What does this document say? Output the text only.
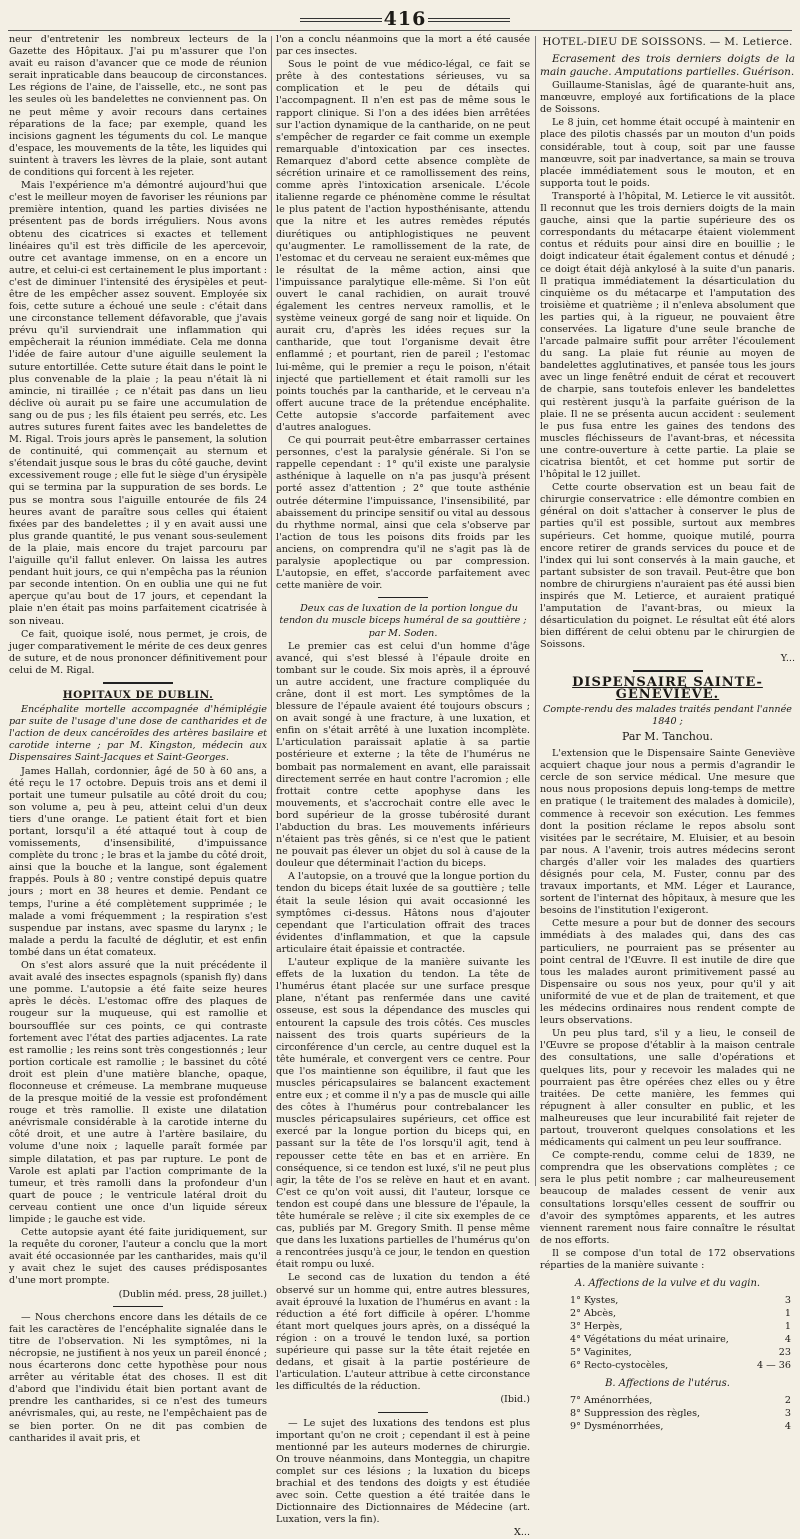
416

neur d'entretenir les nombreux lecteurs de la Gazette des Hôpitaux. J'ai pu m'assurer que l'on avait eu raison d'avancer que ce mode de réunion serait inpraticable dans beaucoup de circonstances. Les régions de l'aine, de l'aisselle, etc., ne sont pas les seules où les bandelettes ne conviennent pas. On ne peut même y avoir recours dans certaines réparations de la face; par exemple, quand les incisions gagnent les téguments du col. Le manque d'espace, les mouvements de la tête, les liquides qui suintent à travers les lèvres de la plaie, sont autant de conditions qui forcent à les rejeter.

Mais l'expérience m'a démontré aujourd'hui que c'est le meilleur moyen de favoriser les réunions par première intention, quand les parties divisées ne présentent pas de bords irréguliers. Nous avons obtenu des cicatrices si exactes et tellement linéaires qu'il est très difficile de les apercevoir, outre cet avantage immense, on en a encore un autre, et celui-ci est certainement le plus important : c'est de diminuer l'intensité des érysipèles et peut-être de les empêcher assez souvent. Employée six fois, cette suture a échoué une seule : c'était dans une circonstance tellement défavorable, que j'avais prévu qu'il surviendrait une inflammation qui empêcherait la réunion immédiate. Cela me donna l'idée de faire autour d'une aiguille seulement la suture entortillée. Cette suture était dans le point le plus convenable de la plaie ; la peau n'était là ni amincie, ni tiraillée ; ce n'était pas dans un lieu déclive où aurait pu se faire une accumulation de sang ou de pus ; les fils étaient peu serrés, etc. Les autres sutures furent faites avec les bandelettes de M. Rigal. Trois jours après le pansement, la solution de continuité, qui commençait au sternum et s'étendait jusque sous le bras du côté gauche, devint excessivement rouge ; elle fut le siège d'un érysipèle qui se termina par la suppuration de ses bords. Le pus se montra sous l'aiguille entourée de fils 24 heures avant de paraître sous celles qui étaient fixées par des bandelettes ; il y en avait aussi une plus grande quantité, le pus venant sous-seulement de la plaie, mais encore du trajet parcouru par l'aiguille qu'il fallut enlever. On laissa les autres pendant huit jours, ce qui n'empêcha pas la réunion par seconde intention. On en oublia une qui ne fut aperçue qu'au bout de 17 jours, et cependant la plaie n'en était pas moins parfaitement cicatrisée à son niveau.

Ce fait, quoique isolé, nous permet, je crois, de juger comparativement le mérite de ces deux genres de suture, et de nous prononcer définitivement pour celui de M. Rigal.

HOPITAUX DE DUBLIN.

Encéphalite mortelle accompagnée d'hémiplégie par suite de l'usage d'une dose de cantharides et de l'action de deux cancéroïdes des artères basilaire et carotide interne ; par M. Kingston, médecin aux Dispensaires Saint-Jacques et Saint-Georges.

James Hallah, cordonnier, âgé de 50 à 60 ans, a été reçu le 17 octobre. Depuis trois ans et demi il portait une tumeur pulsatile au côté droit du cou; son volume a, peu à peu, atteint celui d'un deux tiers d'une orange. Le patient était fort et bien portant, lorsqu'il a été attaqué tout à coup de vomissements, d'insensibilité, d'impuissance complète du tronc ; le bras et la jambe du côté droit, ainsi que la bouche et la langue, sont également frappés. Pouls à 80 ; ventre constipé depuis quatre jours ; mort en 38 heures et demie. Pendant ce temps, l'urine a été complètement supprimée ; le malade a vomi fréquemment ; la respiration s'est suspendue par instans, avec spasme du larynx ; le malade a perdu la faculté de déglutir, et est enfin tombé dans un état comateux.

On s'est alors assuré que la nuit précédente il avait avalé des insectes espagnols (spanish fly) dans une pomme. L'autopsie a été faite seize heures après le décès. L'estomac offre des plaques de rougeur sur la muqueuse, qui est ramollie et boursoufflée sur ces points, ce qui contraste fortement avec l'état des parties adjacentes. La rate est ramollie ; les reins sont très congestionnés ; leur portion corticale est ramollie ; le bassinet du côté droit est plein d'une matière blanche, opaque, floconneuse et crémeuse. La membrane muqueuse de la presque moitié de la vessie est profondément rouge et très ramollie. Il existe une dilatation anévrismale considérable à la carotide interne du côté droit, et une autre à l'artère basilaire, du volume d'une noix ; laquelle paraît formée par simple dilatation, et pas par rupture. Le pont de Varole est aplati par l'action comprimante de la tumeur, et très ramolli dans la profondeur d'un quart de pouce ; le ventricule latéral droit du cerveau contient une once d'un liquide séreux limpide ; le gauche est vide.

Cette autopsie ayant été faite juridiquement, sur la requête du coroner, l'auteur a conclu que la mort avait été occasionnée par les cantharides, mais qu'il y avait chez le sujet des causes prédisposantes d'une mort prompte.

(Dublin méd. press, 28 juillet.)

— Nous cherchons encore dans les détails de ce fait les caractères de l'encéphalite signalée dans le titre de l'observation. Ni les symptômes, ni la nécropsie, ne justifient à nos yeux un pareil énoncé ; nous écarterons donc cette hypothèse pour nous arrêter au véritable état des choses. Il est dit d'abord que l'individu était bien portant avant de prendre les cantharides, si ce n'est des tumeurs anévrismales, qui, au reste, ne l'empêchaient pas de se bien porter. On ne dit pas combien de cantharides il avait pris, et

l'on a conclu néanmoins que la mort a été causée par ces insectes.

Sous le point de vue médico-légal, ce fait se prête à des contestations sérieuses, vu sa complication et le peu de détails qui l'accompagnent. Il n'en est pas de même sous le rapport clinique. Si l'on a des idées bien arrêtées sur l'action dynamique de la cantharide, on ne peut s'empêcher de regarder ce fait comme un exemple remarquable d'intoxication par ces insectes. Remarquez d'abord cette absence complète de sécrétion urinaire et ce ramollissement des reins, comme après l'intoxication arsenicale. L'école italienne regarde ce phénomène comme le résultat le plus patent de l'action hyposthénisante, attendu que la nitre et les autres remèdes réputés diurétiques ou antiphlogistiques ne peuvent qu'augmenter. Le ramollissement de la rate, de l'estomac et du cerveau ne seraient eux-mêmes que le résultat de la même action, ainsi que l'impuissance paralytique elle-même. Si l'on eût ouvert le canal rachidien, on aurait trouvé également les centres nerveux ramollis, et le système veineux gorgé de sang noir et liquide. On aurait cru, d'après les idées reçues sur la cantharide, que tout l'organisme devait être enflammé ; et pourtant, rien de pareil ; l'estomac lui-même, qui le premier a reçu le poison, n'était injecté que partiellement et était ramolli sur les points touchés par la cantharide, et le cerveau n'a offert aucune trace de la prétendue encéphalite. Cette autopsie s'accorde parfaitement avec d'autres analogues.

Ce qui pourrait peut-être embarrasser certaines personnes, c'est la paralysie générale. Si l'on se rappelle cependant : 1° qu'il existe une paralysie asthénique à laquelle on n'a pas jusqu'à présent porté assez d'attention ; 2° que toute asthénie outrée détermine l'impuissance, l'insensibilité, par abaissement du principe sensitif ou vital au dessous du rhythme normal, ainsi que cela s'observe par l'action de tous les poisons dits froids par les anciens, on comprendra qu'il ne s'agit pas là de paralysie apoplectique ou par compression. L'autopsie, en effet, s'accorde parfaitement avec cette manière de voir.

Deux cas de luxation de la portion longue du tendon du muscle biceps huméral de sa gouttière ; par M. Soden.

Le premier cas est celui d'un homme d'âge avancé, qui s'est blessé à l'épaule droite en tombant sur le coude. Six mois après, il a éprouvé un autre accident, une fracture compliquée du crâne, dont il est mort. Les symptômes de la blessure de l'épaule avaient été toujours obscurs ; on avait songé à une fracture, à une luxation, et enfin on s'était arrêté à une luxation incomplète. L'articulation paraissait aplatie à sa partie postérieure et externe ; la tête de l'humérus ne bombait pas normalement en avant, elle paraissait directement serrée en haut contre l'acromion ; elle frottait contre cette apophyse dans les mouvements, et s'accrochait contre elle avec le bord supérieur de la grosse tubérosité durant l'abduction du bras. Les mouvements inférieurs n'étaient pas très gênés, si ce n'est que le patient ne pouvait pas élever un objet du sol à cause de la douleur que déterminait l'action du biceps.

A l'autopsie, on a trouvé que la longue portion du tendon du biceps était luxée de sa gouttière ; telle était la seule lésion qui avait occasionné les symptômes ci-dessus. Hâtons nous d'ajouter cependant que l'articulation offrait des traces évidentes d'inflammation, et que la capsule articulaire était épaissie et contractée.

L'auteur explique de la manière suivante les effets de la luxation du tendon. La tête de l'humérus étant placée sur une surface presque plane, n'étant pas renfermée dans une cavité osseuse, est sous la dépendance des muscles qui entourent la capsule des trois côtés. Ces muscles naissent des trois quarts supérieurs de la circonférence d'un cercle, au centre duquel est la tête humérale, et convergent vers ce centre. Pour que l'os maintienne son équilibre, il faut que les muscles péricapsulaires se balancent exactement entre eux ; et comme il n'y a pas de muscle qui aille des côtes à l'humérus pour contrebalancer les muscles péricapsulaires supérieurs, cet office est exercé par la longue portion du biceps qui, en passant sur la tête de l'os lorsqu'il agit, tend à repousser cette tête en bas et en arrière. En conséquence, si ce tendon est luxé, s'il ne peut plus agir, la tête de l'os se relève en haut et en avant. C'est ce qu'on voit aussi, dit l'auteur, lorsque ce tendon est coupé dans une blessure de l'épaule, la tête humérale se relève ; il cite six exemples de ce cas, publiés par M. Gregory Smith. Il pense même que dans les luxations partielles de l'humérus qu'on a rencontrées jusqu'à ce jour, le tendon en question était rompu ou luxé.

Le second cas de luxation du tendon a été observé sur un homme qui, entre autres blessures, avait éprouvé la luxation de l'humérus en avant : la réduction a été fort difficile à opérer. L'homme étant mort quelques jours après, on a disséqué la région : on a trouvé le tendon luxé, sa portion supérieure qui passe sur la tête était rejetée en dedans, et gisait à la partie postérieure de l'articulation. L'auteur attribue à cette circonstance les difficultés de la réduction.

(Ibid.)

— Le sujet des luxations des tendons est plus important qu'on ne croit ; cependant il est à peine mentionné par les auteurs modernes de chirurgie. On trouve néanmoins, dans Monteggia, un chapitre complet sur ces lésions ; la luxation du biceps brachial et des tendons des doigts y est étudiée avec soin. Cette question a été traitée dans le Dictionnaire des Dictionnaires de Médecine (art. Luxation, vers la fin).

X...
HOTEL-DIEU DE SOISSONS. — M. Letierce.

Ecrasement des trois derniers doigts de la main gauche. Amputations partielles. Guérison.

Guillaume-Stanislas, âgé de quarante-huit ans, manœuvre, employé aux fortifications de la place de Soissons.

Le 8 juin, cet homme était occupé à maintenir en place des pilotis chassés par un mouton d'un poids considérable, tout à coup, soit par une fausse manœuvre, soit par inadvertance, sa main se trouva placée immédiatement sous le mouton, et en supporta tout le poids.

Transporté à l'hôpital, M. Letierce le vit aussitôt. Il reconnut que les trois derniers doigts de la main gauche, ainsi que la partie supérieure des os correspondants du métacarpe étaient violemment contus et réduits pour ainsi dire en bouillie ; le doigt indicateur était également contus et dénudé ; ce doigt était déjà ankylosé à la suite d'un panaris. Il pratiqua immédiatement la désarticulation du cinquième os du métacarpe et l'amputation des troisième et quatrième ; il n'enleva absolument que les parties qui, à la rigueur, ne pouvaient être conservées. La ligature d'une seule branche de l'arcade palmaire suffit pour arrêter l'écoulement du sang. La plaie fut réunie au moyen de bandelettes agglutinatives, et pansée tous les jours avec un linge fenêtré enduit de cérat et recouvert de charpie, sans toutefois enlever les bandelettes qui restèrent jusqu'à la parfaite guérison de la plaie. Il ne se présenta aucun accident : seulement le pus fusa entre les gaines des tendons des muscles fléchisseurs de l'avant-bras, et nécessita une contre-ouverture à cette partie. La plaie se cicatrisa bientôt, et cet homme put sortir de l'hôpital le 12 juillet.

Cette courte observation est un beau fait de chirurgie conservatrice : elle démontre combien en général on doit s'attacher à conserver le plus de parties qu'il est possible, surtout aux membres supérieurs. Cet homme, quoique mutilé, pourra encore retirer de grands services du pouce et de l'index qui lui sont conservés à la main gauche, et partant subsister de son travail. Peut-être que bon nombre de chirurgiens n'auraient pas été aussi bien inspirés que M. Letierce, et auraient pratiqué l'amputation de l'avant-bras, ou mieux la désarticulation du poignet. Le résultat eût été alors bien différent de celui obtenu par le chirurgien de Soissons.

Y...
DISPENSAIRE SAINTE-GENEVIÈVE.
Compte-rendu des malades traités pendant l'année 1840 ;
Par M. Tanchou.

L'extension que le Dispensaire Sainte Geneviève acquiert chaque jour nous a permis d'agrandir le cercle de son service médical. Une mesure que nous nous proposions depuis long-temps de mettre en pratique ( le traitement des malades à domicile), commence à recevoir son exécution. Les femmes dont la position réclame le repos absolu sont visitées par le secrétaire, M. Eluisier, et au besoin par nous. A l'avenir, trois autres médecins seront chargés d'aller voir les malades des quartiers désignés pour cela, M. Fuster, connu par des travaux importants, et MM. Léger et Laurance, sortent de l'internat des hôpitaux, à mesure que les besoins de l'institution l'exigeront.

Cette mesure a pour but de donner des secours immédiats à des malades qui, dans des cas particuliers, ne pourraient pas se présenter au point central de l'Œuvre. Il est inutile de dire que tous les malades auront primitivement passé au Dispensaire ou sous nos yeux, pour qu'il y ait uniformité de vue et de plan de traitement, et que les médecins ordinaires nous rendent compte de leurs observations.

Un peu plus tard, s'il y a lieu, le conseil de l'Œuvre se propose d'établir à la maison centrale des consultations, une salle d'opérations et quelques lits, pour y recevoir les malades qui ne pourraient pas être opérées chez elles ou y être traitées. De cette manière, les femmes qui répugnent à aller consulter en public, et les malheureuses que leur incurabilité fait rejeter de partout, trouveront quelques consolations et les médicaments qui calment un peu leur souffrance.

Ce compte-rendu, comme celui de 1839, ne comprendra que les observations complètes ; ce sera le plus petit nombre ; car malheureusement beaucoup de malades cessent de venir aux consultations lorsqu'elles cessent de souffrir ou d'avoir des symptômes apparents, et les autres viennent rarement nous faire connaître le résultat de nos efforts.

Il se compose d'un total de 172 observations réparties de la manière suivante :

A. Affections de la vulve et du vagin.
1° Kystes,	3
2° Abcès,	1
3° Herpès,	1
4° Végétations du méat urinaire,	4
5° Vaginites,	23
6° Recto-cystocèles,	4 — 36
B. Affections de l'utérus.
7° Aménorrhées,	2
8° Suppression des règles,	3
9° Dysménorrhées,	4
